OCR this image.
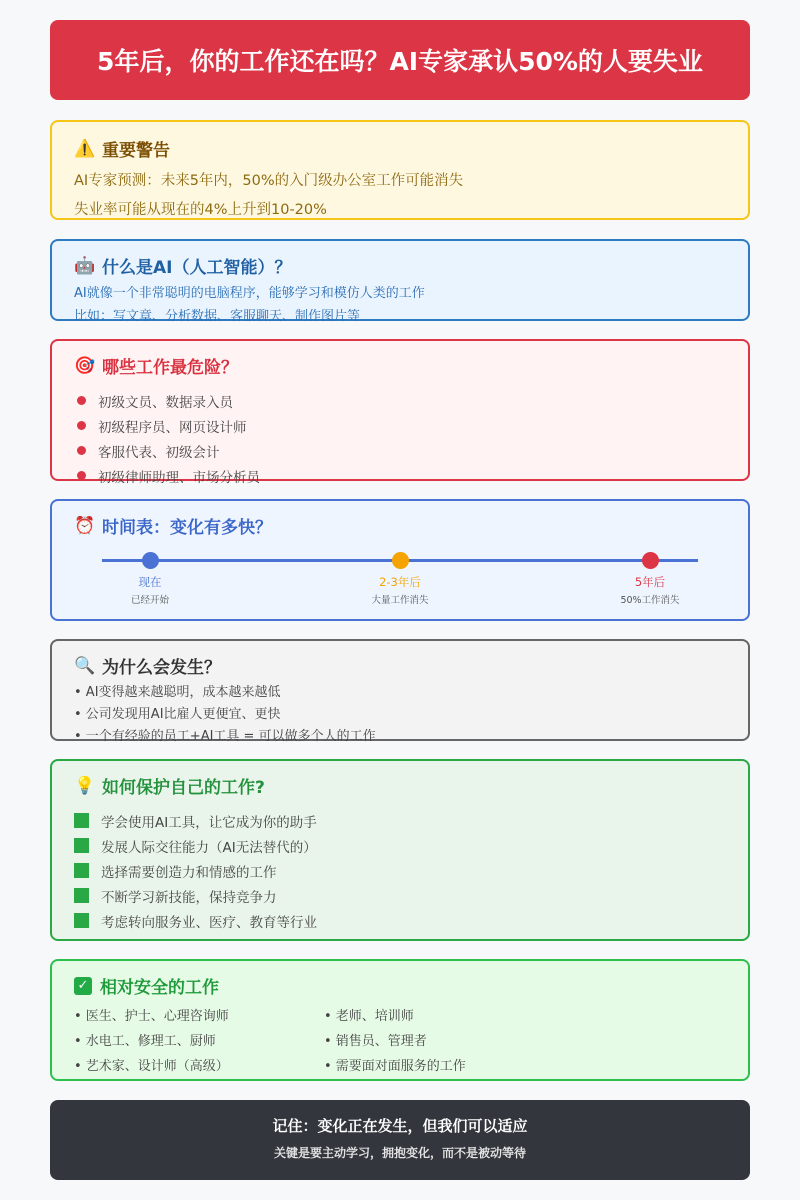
5年后，你的工作还在吗？AI专家承认50%的人要失业
⚠️ 重要警告
AI专家预测：未来5年内，50%的入门级办公室工作可能消失
失业率可能从现在的4%上升到10-20%
🤖 什么是AI（人工智能）？
AI就像一个非常聪明的电脑程序，能够学习和模仿人类的工作
比如：写文章、分析数据、客服聊天、制作图片等
🎯 哪些工作最危险？
初级文员、数据录入员
初级程序员、网页设计师
客服代表、初级会计
初级律师助理、市场分析员
⏰ 时间表：变化有多快？
现在
已经开始
2-3年后
大量工作消失
5年后
50%工作消失
🔍 为什么会发生？
• AI变得越来越聪明，成本越来越低
• 公司发现用AI比雇人更便宜、更快
• 一个有经验的员工+AI工具 = 可以做多个人的工作
💡 如何保护自己的工作?
学会使用AI工具，让它成为你的助手
发展人际交往能力（AI无法替代的）
选择需要创造力和情感的工作
不断学习新技能，保持竞争力
考虑转向服务业、医疗、教育等行业
✓ 相对安全的工作
• 医生、护士、心理咨询师	• 老师、培训师
• 水电工、修理工、厨师	• 销售员、管理者
• 艺术家、设计师（高级）	• 需要面对面服务的工作
记住：变化正在发生，但我们可以适应
关键是要主动学习，拥抱变化，而不是被动等待
